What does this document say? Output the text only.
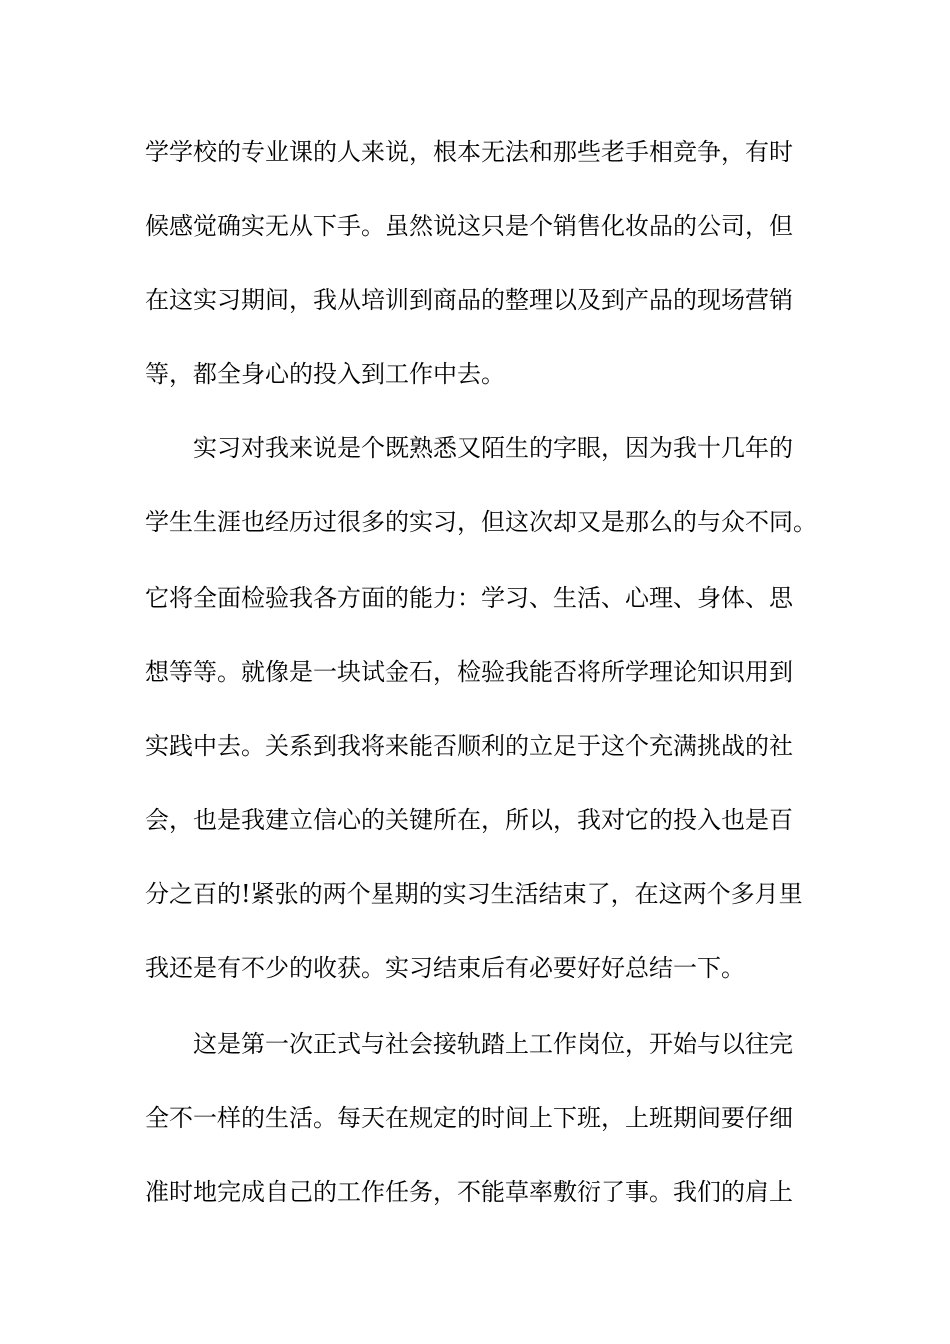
学学校的专业课的人来说，根本无法和那些老手相竞争，有时
候感觉确实无从下手。虽然说这只是个销售化妆品的公司，但
在这实习期间，我从培训到商品的整理以及到产品的现场营销
等，都全身心的投入到工作中去。
实习对我来说是个既熟悉又陌生的字眼，因为我十几年的
学生生涯也经历过很多的实习，但这次却又是那么的与众不同。
它将全面检验我各方面的能力：学习、生活、心理、身体、思
想等等。就像是一块试金石，检验我能否将所学理论知识用到
实践中去。关系到我将来能否顺利的立足于这个充满挑战的社
会，也是我建立信心的关键所在，所以，我对它的投入也是百
分之百的!紧张的两个星期的实习生活结束了，在这两个多月里
我还是有不少的收获。实习结束后有必要好好总结一下。
这是第一次正式与社会接轨踏上工作岗位，开始与以往完
全不一样的生活。每天在规定的时间上下班，上班期间要仔细
准时地完成自己的工作任务，不能草率敷衍了事。我们的肩上
